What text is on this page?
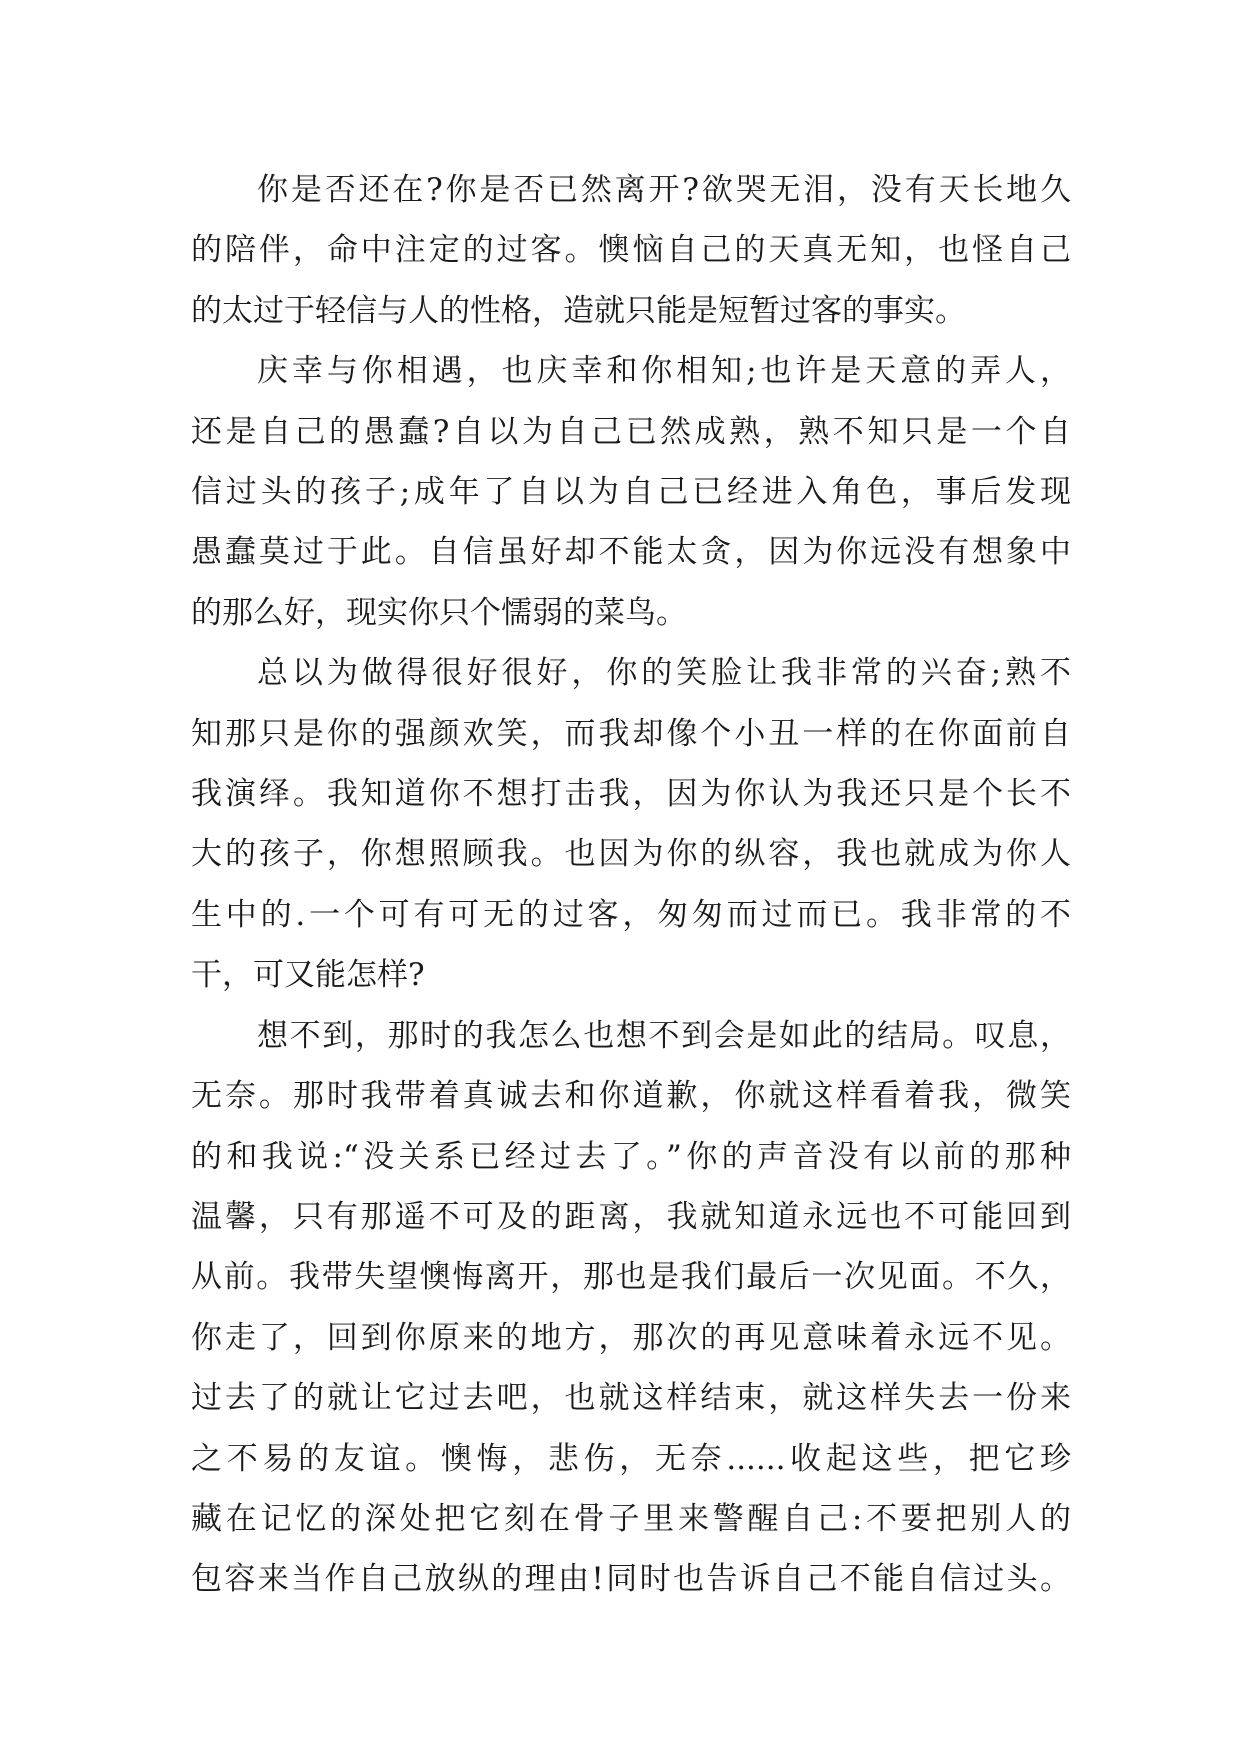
你是否还在?你是否已然离开?欲哭无泪，没有天长地久
的陪伴，命中注定的过客。懊恼自己的天真无知，也怪自己
的太过于轻信与人的性格，造就只能是短暂过客的事实。

庆幸与你相遇，也庆幸和你相知;也许是天意的弄人，
还是自己的愚蠢?自以为自己已然成熟，熟不知只是一个自
信过头的孩子;成年了自以为自己已经进入角色，事后发现
愚蠢莫过于此。自信虽好却不能太贪，因为你远没有想象中
的那么好，现实你只个懦弱的菜鸟。

总以为做得很好很好，你的笑脸让我非常的兴奋;熟不
知那只是你的强颜欢笑，而我却像个小丑一样的在你面前自
我演绎。我知道你不想打击我，因为你认为我还只是个长不
大的孩子，你想照顾我。也因为你的纵容，我也就成为你人
生中的.一个可有可无的过客，匆匆而过而已。我非常的不
干，可又能怎样?

想不到，那时的我怎么也想不到会是如此的结局。叹息，
无奈。那时我带着真诚去和你道歉，你就这样看着我，微笑
的和我说:“没关系已经过去了。”你的声音没有以前的那种
温馨，只有那遥不可及的距离，我就知道永远也不可能回到
从前。我带失望懊悔离开，那也是我们最后一次见面。不久，
你走了，回到你原来的地方，那次的再见意味着永远不见。
过去了的就让它过去吧，也就这样结束，就这样失去一份来
之不易的友谊。懊悔，悲伤，无奈......收起这些，把它珍
藏在记忆的深处把它刻在骨子里来警醒自己:不要把别人的
包容来当作自己放纵的理由!同时也告诉自己不能自信过头。
